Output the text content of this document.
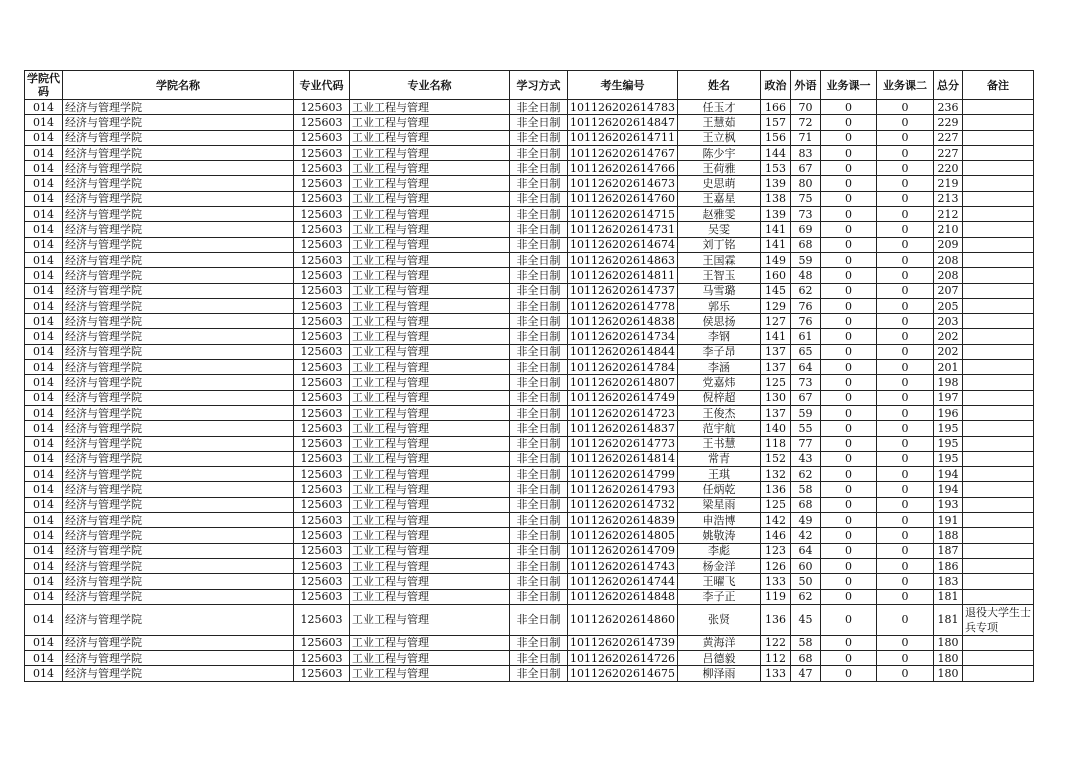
学院代码	学院名称	专业代码	专业名称	学习方式	考生编号	姓名	政治	外语	业务课一	业务课二	总分	备注
014	经济与管理学院	125603	工业工程与管理	非全日制	101126202614783	任玉才	166	70	0	0	236	
014	经济与管理学院	125603	工业工程与管理	非全日制	101126202614847	王慧茹	157	72	0	0	229	
014	经济与管理学院	125603	工业工程与管理	非全日制	101126202614711	王立枫	156	71	0	0	227	
014	经济与管理学院	125603	工业工程与管理	非全日制	101126202614767	陈少宇	144	83	0	0	227	
014	经济与管理学院	125603	工业工程与管理	非全日制	101126202614766	王荷雅	153	67	0	0	220	
014	经济与管理学院	125603	工业工程与管理	非全日制	101126202614673	史思萌	139	80	0	0	219	
014	经济与管理学院	125603	工业工程与管理	非全日制	101126202614760	王嘉星	138	75	0	0	213	
014	经济与管理学院	125603	工业工程与管理	非全日制	101126202614715	赵雅雯	139	73	0	0	212	
014	经济与管理学院	125603	工业工程与管理	非全日制	101126202614731	吴雯	141	69	0	0	210	
014	经济与管理学院	125603	工业工程与管理	非全日制	101126202614674	刘丁铭	141	68	0	0	209	
014	经济与管理学院	125603	工业工程与管理	非全日制	101126202614863	王国霖	149	59	0	0	208	
014	经济与管理学院	125603	工业工程与管理	非全日制	101126202614811	王智玉	160	48	0	0	208	
014	经济与管理学院	125603	工业工程与管理	非全日制	101126202614737	马雪璐	145	62	0	0	207	
014	经济与管理学院	125603	工业工程与管理	非全日制	101126202614778	郭乐	129	76	0	0	205	
014	经济与管理学院	125603	工业工程与管理	非全日制	101126202614838	侯思扬	127	76	0	0	203	
014	经济与管理学院	125603	工业工程与管理	非全日制	101126202614734	李钢	141	61	0	0	202	
014	经济与管理学院	125603	工业工程与管理	非全日制	101126202614844	李子昂	137	65	0	0	202	
014	经济与管理学院	125603	工业工程与管理	非全日制	101126202614784	李涵	137	64	0	0	201	
014	经济与管理学院	125603	工业工程与管理	非全日制	101126202614807	党嘉炜	125	73	0	0	198	
014	经济与管理学院	125603	工业工程与管理	非全日制	101126202614749	倪梓超	130	67	0	0	197	
014	经济与管理学院	125603	工业工程与管理	非全日制	101126202614723	王俊杰	137	59	0	0	196	
014	经济与管理学院	125603	工业工程与管理	非全日制	101126202614837	范宇航	140	55	0	0	195	
014	经济与管理学院	125603	工业工程与管理	非全日制	101126202614773	王书慧	118	77	0	0	195	
014	经济与管理学院	125603	工业工程与管理	非全日制	101126202614814	常青	152	43	0	0	195	
014	经济与管理学院	125603	工业工程与管理	非全日制	101126202614799	王琪	132	62	0	0	194	
014	经济与管理学院	125603	工业工程与管理	非全日制	101126202614793	任炳乾	136	58	0	0	194	
014	经济与管理学院	125603	工业工程与管理	非全日制	101126202614732	梁星雨	125	68	0	0	193	
014	经济与管理学院	125603	工业工程与管理	非全日制	101126202614839	申浩博	142	49	0	0	191	
014	经济与管理学院	125603	工业工程与管理	非全日制	101126202614805	姚敬涛	146	42	0	0	188	
014	经济与管理学院	125603	工业工程与管理	非全日制	101126202614709	李彪	123	64	0	0	187	
014	经济与管理学院	125603	工业工程与管理	非全日制	101126202614743	杨金洋	126	60	0	0	186	
014	经济与管理学院	125603	工业工程与管理	非全日制	101126202614744	王曜飞	133	50	0	0	183	
014	经济与管理学院	125603	工业工程与管理	非全日制	101126202614848	李子正	119	62	0	0	181	
014	经济与管理学院	125603	工业工程与管理	非全日制	101126202614860	张贤	136	45	0	0	181	退役大学生士兵专项
014	经济与管理学院	125603	工业工程与管理	非全日制	101126202614739	黄海洋	122	58	0	0	180	
014	经济与管理学院	125603	工业工程与管理	非全日制	101126202614726	吕德毅	112	68	0	0	180	
014	经济与管理学院	125603	工业工程与管理	非全日制	101126202614675	柳泽雨	133	47	0	0	180	
